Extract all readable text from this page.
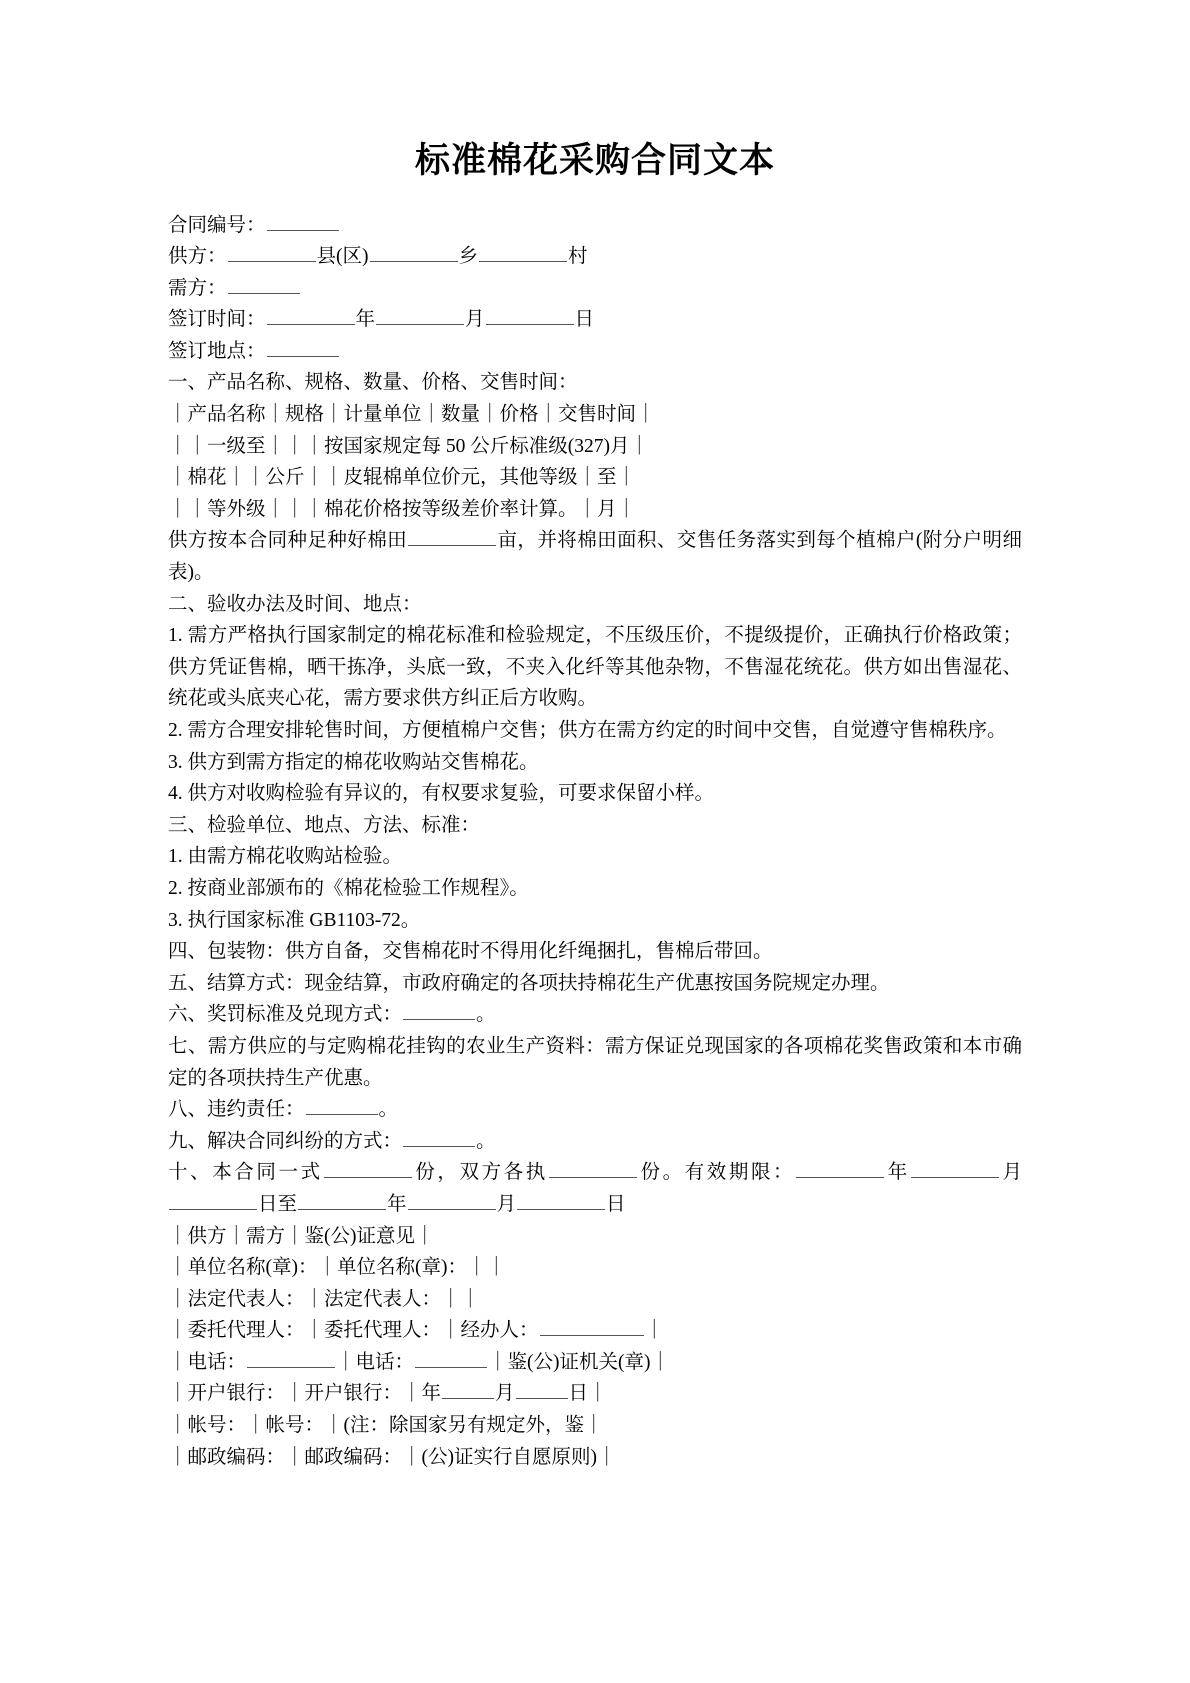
标准棉花采购合同文本

合同编号：

供方：	县(区)	乡	村

需方：

签订时间：	年	月	日

签订地点：

一、产品名称、规格、数量、价格、交售时间：

｜产品名称｜规格｜计量单位｜数量｜价格｜交售时间｜

｜｜一级至｜｜｜按国家规定每 50 公斤标准级(327)月｜

｜棉花｜｜公斤｜｜皮辊棉单位价元，其他等级｜至｜

｜｜等外级｜｜｜棉花价格按等级差价率计算。｜月｜

供方按本合同种足种好棉田	亩，并将棉田面积、交售任务落实到每个植棉户(附分户明细表)。

二、验收办法及时间、地点：

1. 需方严格执行国家制定的棉花标准和检验规定，不压级压价，不提级提价，正确执行价格政策；供方凭证售棉，晒干拣净，头底一致，不夹入化纤等其他杂物，不售湿花统花。供方如出售湿花、统花或头底夹心花，需方要求供方纠正后方收购。

2. 需方合理安排轮售时间，方便植棉户交售；供方在需方约定的时间中交售，自觉遵守售棉秩序。

3. 供方到需方指定的棉花收购站交售棉花。

4. 供方对收购检验有异议的，有权要求复验，可要求保留小样。

三、检验单位、地点、方法、标准：

1. 由需方棉花收购站检验。

2. 按商业部颁布的《棉花检验工作规程》。

3. 执行国家标准 GB1103-72。

四、包装物：供方自备，交售棉花时不得用化纤绳捆扎，售棉后带回。

五、结算方式：现金结算，市政府确定的各项扶持棉花生产优惠按国务院规定办理。

六、奖罚标准及兑现方式：	。

七、需方供应的与定购棉花挂钩的农业生产资料：需方保证兑现国家的各项棉花奖售政策和本市确定的各项扶持生产优惠。

八、违约责任：	。

九、解决合同纠纷的方式：	。

十、本合同一式	份，双方各执	份。有效期限：	年	月日至	年	月	日

｜供方｜需方｜鉴(公)证意见｜

｜单位名称(章)：｜单位名称(章)：｜｜

｜法定代表人：｜法定代表人：｜｜

｜委托代理人：｜委托代理人：｜经办人：	｜

｜电话：	｜电话：	｜鉴(公)证机关(章)｜

｜开户银行：｜开户银行：｜年	月	日｜

｜帐号：｜帐号：｜(注：除国家另有规定外，鉴｜

｜邮政编码：｜邮政编码：｜(公)证实行自愿原则)｜
